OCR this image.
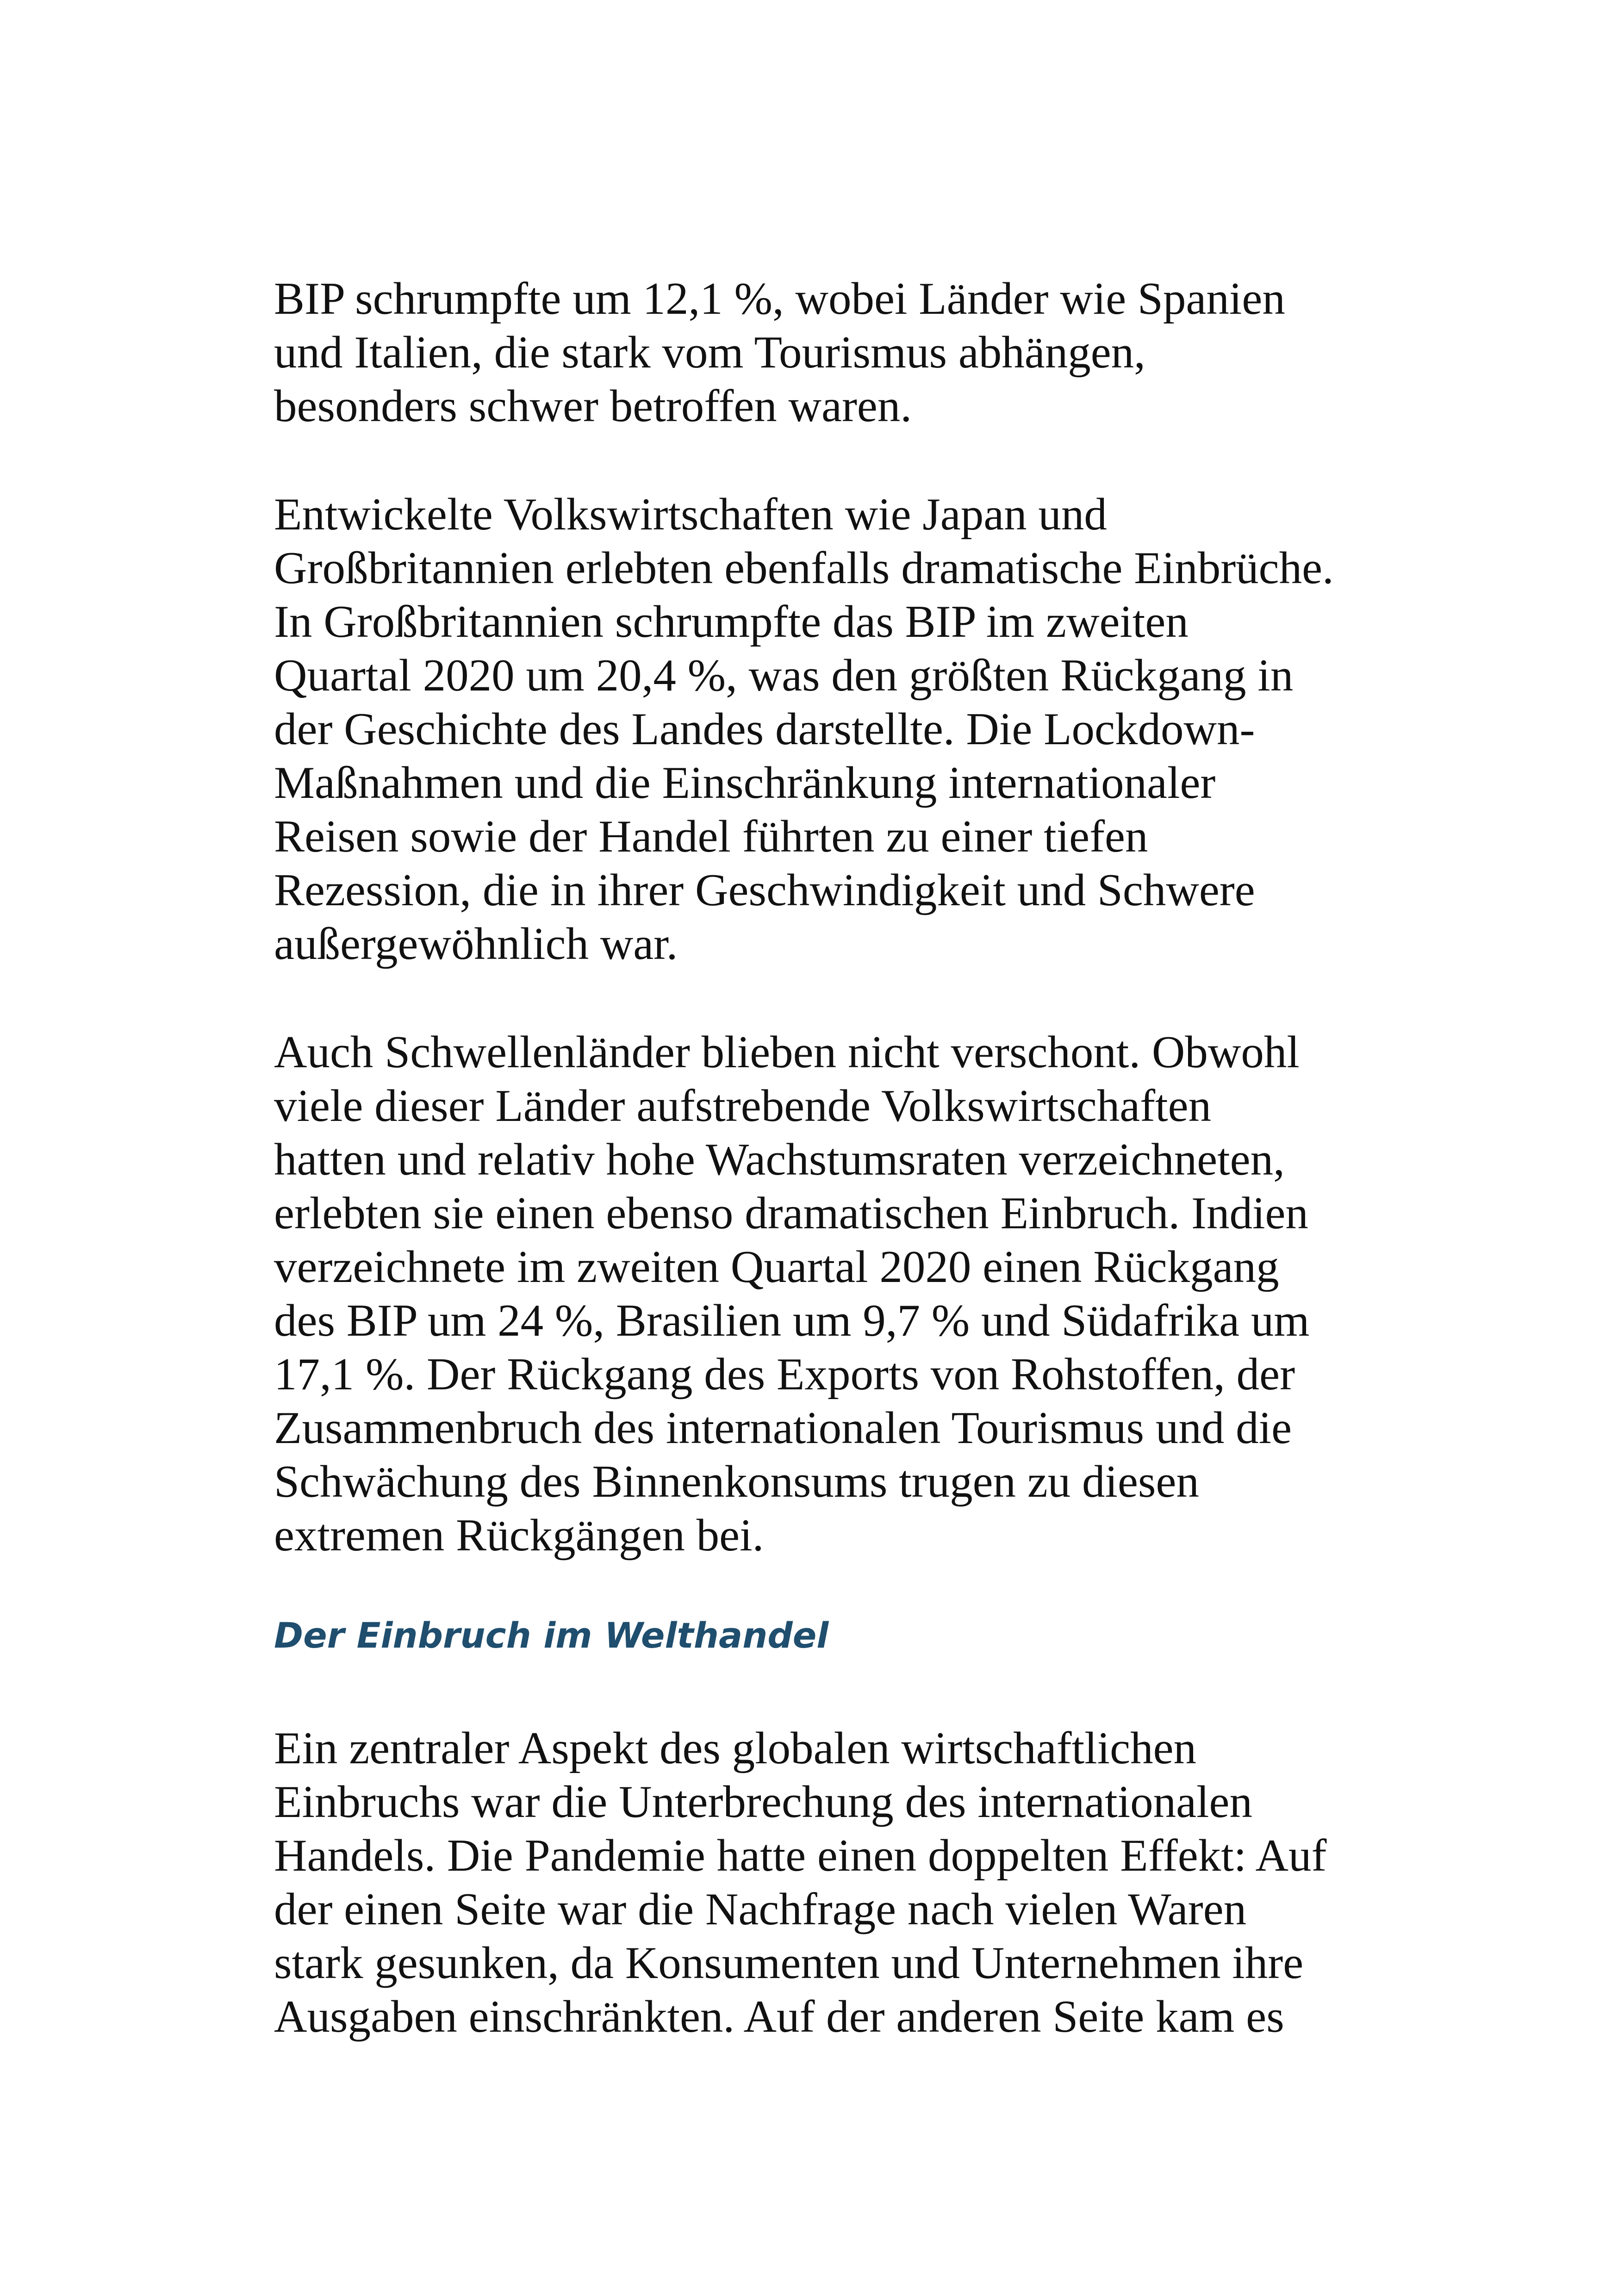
BIP schrumpfte um 12,1 %, wobei Länder wie Spanien
und Italien, die stark vom Tourismus abhängen,
besonders schwer betroffen waren.

Entwickelte Volkswirtschaften wie Japan und
Großbritannien erlebten ebenfalls dramatische Einbrüche.
In Großbritannien schrumpfte das BIP im zweiten
Quartal 2020 um 20,4 %, was den größten Rückgang in
der Geschichte des Landes darstellte. Die Lockdown-
Maßnahmen und die Einschränkung internationaler
Reisen sowie der Handel führten zu einer tiefen
Rezession, die in ihrer Geschwindigkeit und Schwere
außergewöhnlich war.

Auch Schwellenländer blieben nicht verschont. Obwohl
viele dieser Länder aufstrebende Volkswirtschaften
hatten und relativ hohe Wachstumsraten verzeichneten,
erlebten sie einen ebenso dramatischen Einbruch. Indien
verzeichnete im zweiten Quartal 2020 einen Rückgang
des BIP um 24 %, Brasilien um 9,7 % und Südafrika um
17,1 %. Der Rückgang des Exports von Rohstoffen, der
Zusammenbruch des internationalen Tourismus und die
Schwächung des Binnenkonsums trugen zu diesen
extremen Rückgängen bei.

Der Einbruch im Welthandel

Ein zentraler Aspekt des globalen wirtschaftlichen
Einbruchs war die Unterbrechung des internationalen
Handels. Die Pandemie hatte einen doppelten Effekt: Auf
der einen Seite war die Nachfrage nach vielen Waren
stark gesunken, da Konsumenten und Unternehmen ihre
Ausgaben einschränkten. Auf der anderen Seite kam es
